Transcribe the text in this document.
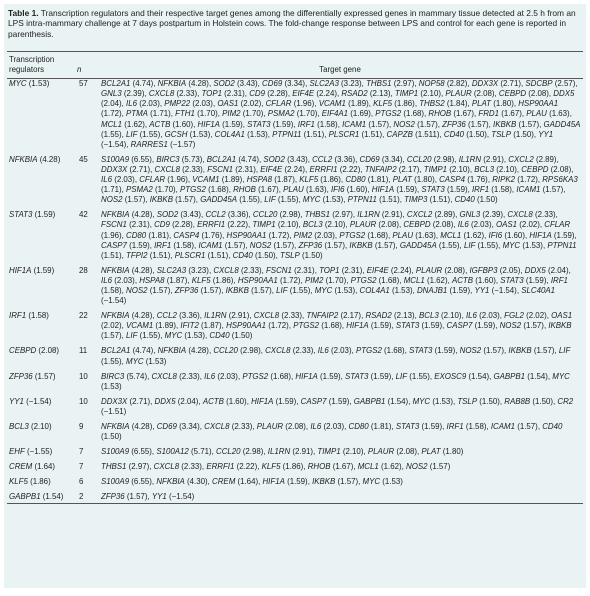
Table 1. Transcription regulators and their respective target genes among the differentially expressed genes in mammary tissue detected at 2.5 h from an LPS intra-mammary challenge at 7 days postpartum in Holstein cows. The fold-change response between LPS and control for each gene is reported in parenthesis.
Transcription
regulators	n	Target gene
MYC (1.53)	57	BCL2A1 (4.74), NFKBIA (4.28), SOD2 (3.43), CD69 (3.34), SLC2A3 (3.23), THBS1 (2.97), NOP58 (2.82), DDX3X (2.71), SDCBP (2.57), GNL3 (2.39), CXCL8 (2.33), TOP1 (2.31), CD9 (2.28), EIF4E (2.24), RSAD2 (2.13), TIMP1 (2.10), PLAUR (2.08), CEBPD (2.08), DDX5 (2.04), IL6 (2.03), PMP22 (2.03), OAS1 (2.02), CFLAR (1.96), VCAM1 (1.89), KLF5 (1.86), THBS2 (1.84), PLAT (1.80), HSP90AA1 (1.72), PTMA (1.71), FTH1 (1.70), PIM2 (1.70), PSMA2 (1.70), EIF4A1 (1.69), PTGS2 (1.68), RHOB (1.67), FRD1 (1.67), PLAU (1.63), MCL1 (1.62), ACTB (1.60), HIF1A (1.59), STAT3 (1.59), IRF1 (1.58), ICAM1 (1.57), NOS2 (1.57), ZFP36 (1.57), IKBKB (1.57), GADD45A (1.55), LIF (1.55), GCSH (1.53), COL4A1 (1.53), PTPN11 (1.51), PLSCR1 (1.51), CAPZB (1.511), CD40 (1.50), TSLP (1.50), YY1 (−1.54), RARRES1 (−1.57)
NFKBIA (4.28)	45	S100A9 (6.55), BIRC3 (5.73), BCL2A1 (4.74), SOD2 (3.43), CCL2 (3.36), CD69 (3.34), CCL20 (2.98), IL1RN (2.91), CXCL2 (2.89), DDX3X (2.71), CXCL8 (2.33), FSCN1 (2.31), EIF4E (2.24), ERRFI1 (2.22), TNFAIP2 (2.17), TIMP1 (2.10), BCL3 (2.10), CEBPD (2.08), IL6 (2.03), CFLAR (1.96), VCAM1 (1.89), HSPA8 (1.87), KLF5 (1.86), CD80 (1.81), PLAT (1.80), CASP4 (1.76), RIPK2 (1.72), RPS6KA3 (1.71), PSMA2 (1.70), PTGS2 (1.68), RHOB (1.67), PLAU (1.63), IFI6 (1.60), HIF1A (1.59), STAT3 (1.59), IRF1 (1.58), ICAM1 (1.57), NOS2 (1.57), IKBKB (1.57), GADD45A (1.55), LIF (1.55), MYC (1.53), PTPN11 (1.51), TIMP3 (1.51), CD40 (1.50)
STAT3 (1.59)	42	NFKBIA (4.28), SOD2 (3.43), CCL2 (3.36), CCL20 (2.98), THBS1 (2.97), IL1RN (2.91), CXCL2 (2.89), GNL3 (2.39), CXCL8 (2.33), FSCN1 (2.31), CD9 (2.28), ERRFI1 (2.22), TIMP1 (2.10), BCL3 (2.10), PLAUR (2.08), CEBPD (2.08), IL6 (2.03), OAS1 (2.02), CFLAR (1.96), CD80 (1.81), CASP4 (1.76), HSP90AA1 (1.72), PIM2 (2.03), PTGS2 (1.68), PLAU (1.63), MCL1 (1.62), IFI6 (1.60), HIF1A (1.59), CASP7 (1.59), IRF1 (1.58), ICAM1 (1.57), NOS2 (1.57), ZFP36 (1.57), IKBKB (1.57), GADD45A (1.55), LIF (1.55), MYC (1.53), PTPN11 (1.51), TFPI2 (1.51), PLSCR1 (1.51), CD40 (1.50), TSLP (1.50)
HIF1A (1.59)	28	NFKBIA (4.28), SLC2A3 (3.23), CXCL8 (2.33), FSCN1 (2.31), TOP1 (2.31), EIF4E (2.24), PLAUR (2.08), IGFBP3 (2.05), DDX5 (2.04), IL6 (2.03), HSPA8 (1.87), KLF5 (1.86), HSP90AA1 (1.72), PIM2 (1.70), PTGS2 (1.68), MCL1 (1.62), ACTB (1.60), STAT3 (1.59), IRF1 (1.58), NOS2 (1.57), ZFP36 (1.57), IKBKB (1.57), LIF (1.55), MYC (1.53), COL4A1 (1.53), DNAJB1 (1.59), YY1 (−1.54), SLC40A1 (−1.54)
IRF1 (1.58)	22	NFKBIA (4.28), CCL2 (3.36), IL1RN (2.91), CXCL8 (2.33), TNFAIP2 (2.17), RSAD2 (2.13), BCL3 (2.10), IL6 (2.03), FGL2 (2.02), OAS1 (2.02), VCAM1 (1.89), IFIT2 (1.87), HSP90AA1 (1.72), PTGS2 (1.68), HIF1A (1.59), STAT3 (1.59), CASP7 (1.59), NOS2 (1.57), IKBKB (1.57), LIF (1.55), MYC (1.53), CD40 (1.50)
CEBPD (2.08)	11	BCL2A1 (4.74), NFKBIA (4.28), CCL20 (2.98), CXCL8 (2.33), IL6 (2.03), PTGS2 (1.68), STAT3 (1.59), NOS2 (1.57), IKBKB (1.57), LIF (1.55), MYC (1.53)
ZFP36 (1.57)	10	BIRC3 (5.74), CXCL8 (2.33), IL6 (2.03), PTGS2 (1.68), HIF1A (1.59), STAT3 (1.59), LIF (1.55), EXOSC9 (1.54), GABPB1 (1.54), MYC (1.53)
YY1 (−1.54)	10	DDX3X (2.71), DDX5 (2.04), ACTB (1.60), HIF1A (1.59), CASP7 (1.59), GABPB1 (1.54), MYC (1.53), TSLP (1.50), RAB8B (1.50), CR2 (−1.51)
BCL3 (2.10)	9	NFKBIA (4.28), CD69 (3.34), CXCL8 (2.33), PLAUR (2.08), IL6 (2.03), CD80 (1.81), STAT3 (1.59), IRF1 (1.58), ICAM1 (1.57), CD40 (1.50)
EHF (−1.55)	7	S100A9 (6.55), S100A12 (5.71), CCL20 (2.98), IL1RN (2.91), TIMP1 (2.10), PLAUR (2.08), PLAT (1.80)
CREM (1.64)	7	THBS1 (2.97), CXCL8 (2.33), ERRFI1 (2.22), KLF5 (1.86), RHOB (1.67), MCL1 (1.62), NOS2 (1.57)
KLF5 (1.86)	6	S100A9 (6.55), NFKBIA (4.30), CREM (1.64), HIF1A (1.59), IKBKB (1.57), MYC (1.53)
GABPB1 (1.54)	2	ZFP36 (1.57), YY1 (−1.54)
